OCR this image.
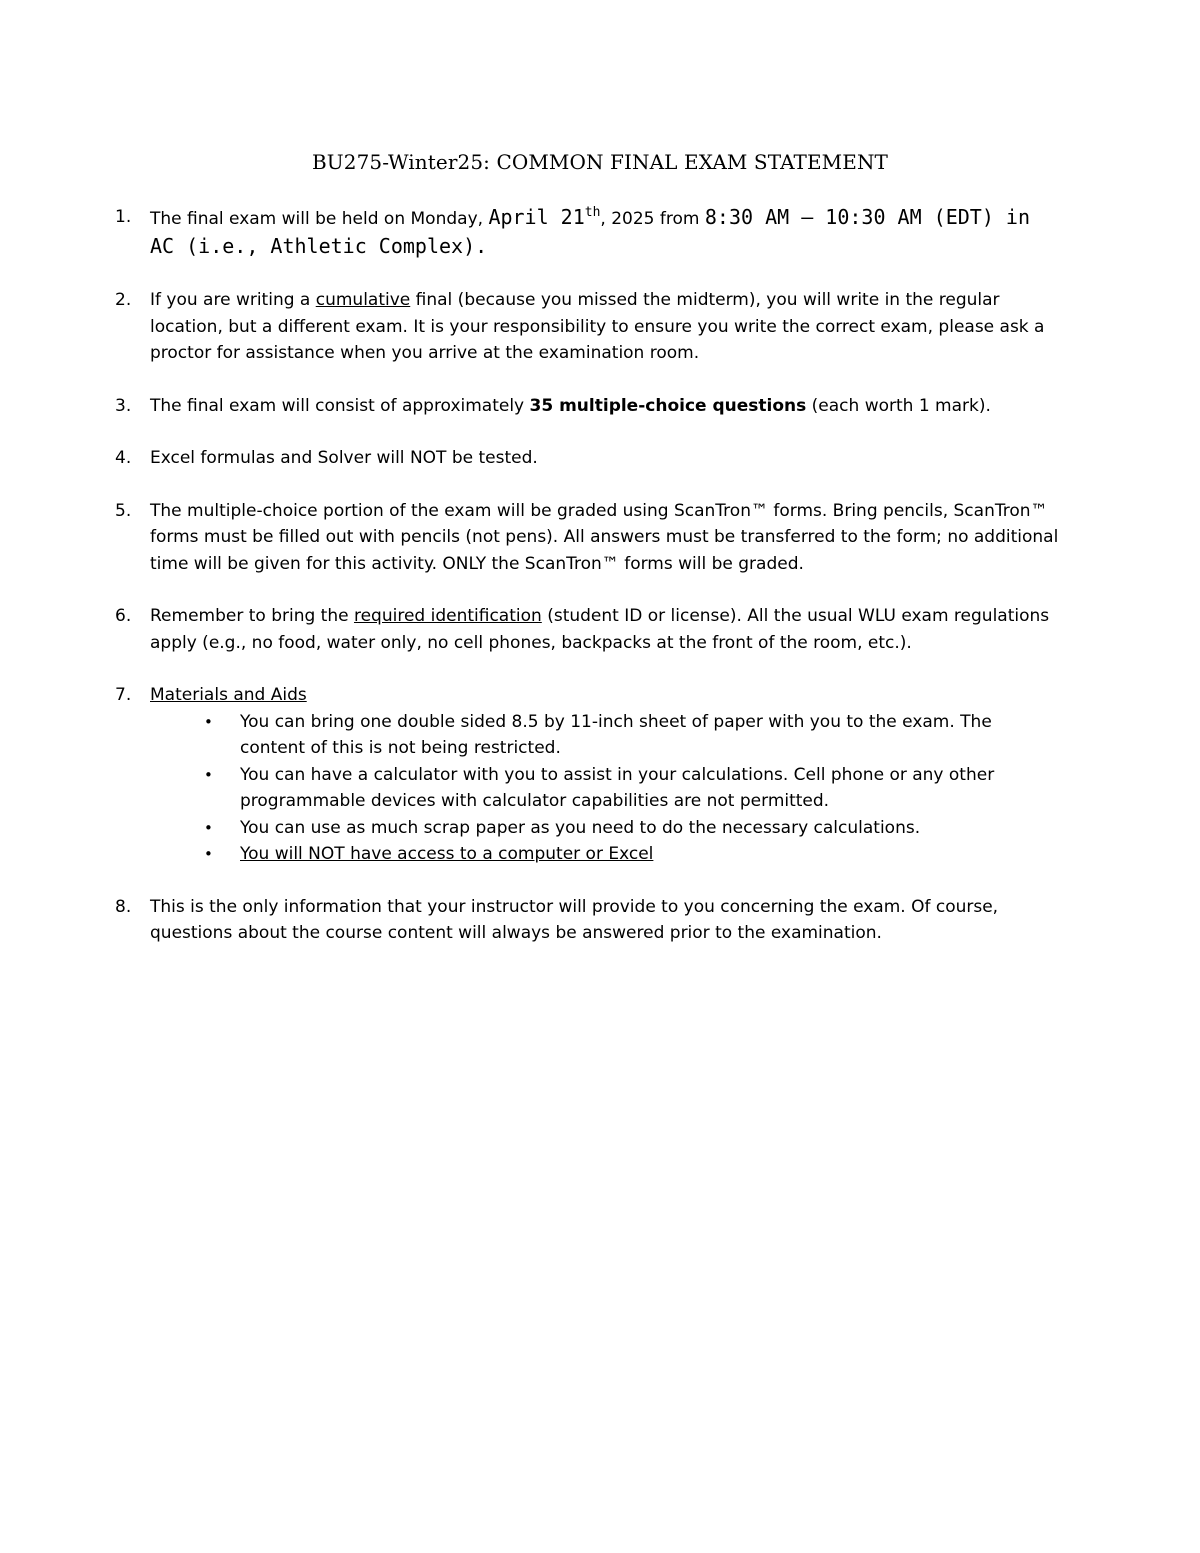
BU275-Winter25: COMMON FINAL EXAM STATEMENT
1. The final exam will be held on Monday, April 21th, 2025 from 8:30 AM – 10:30 AM (EDT) in AC (i.e., Athletic Complex).
2. If you are writing a cumulative final (because you missed the midterm), you will write in the regular location, but a different exam. It is your responsibility to ensure you write the correct exam, please ask a proctor for assistance when you arrive at the examination room.
3. The final exam will consist of approximately 35 multiple-choice questions (each worth 1 mark).
4. Excel formulas and Solver will NOT be tested.
5. The multiple-choice portion of the exam will be graded using ScanTron™ forms. Bring pencils, ScanTron™ forms must be filled out with pencils (not pens). All answers must be transferred to the form; no additional time will be given for this activity. ONLY the ScanTron™ forms will be graded.
6. Remember to bring the required identification (student ID or license). All the usual WLU exam regulations apply (e.g., no food, water only, no cell phones, backpacks at the front of the room, etc.).
7. Materials and Aids
• You can bring one double sided 8.5 by 11-inch sheet of paper with you to the exam. The content of this is not being restricted.
• You can have a calculator with you to assist in your calculations. Cell phone or any other programmable devices with calculator capabilities are not permitted.
• You can use as much scrap paper as you need to do the necessary calculations.
• You will NOT have access to a computer or Excel
8. This is the only information that your instructor will provide to you concerning the exam. Of course, questions about the course content will always be answered prior to the examination.
